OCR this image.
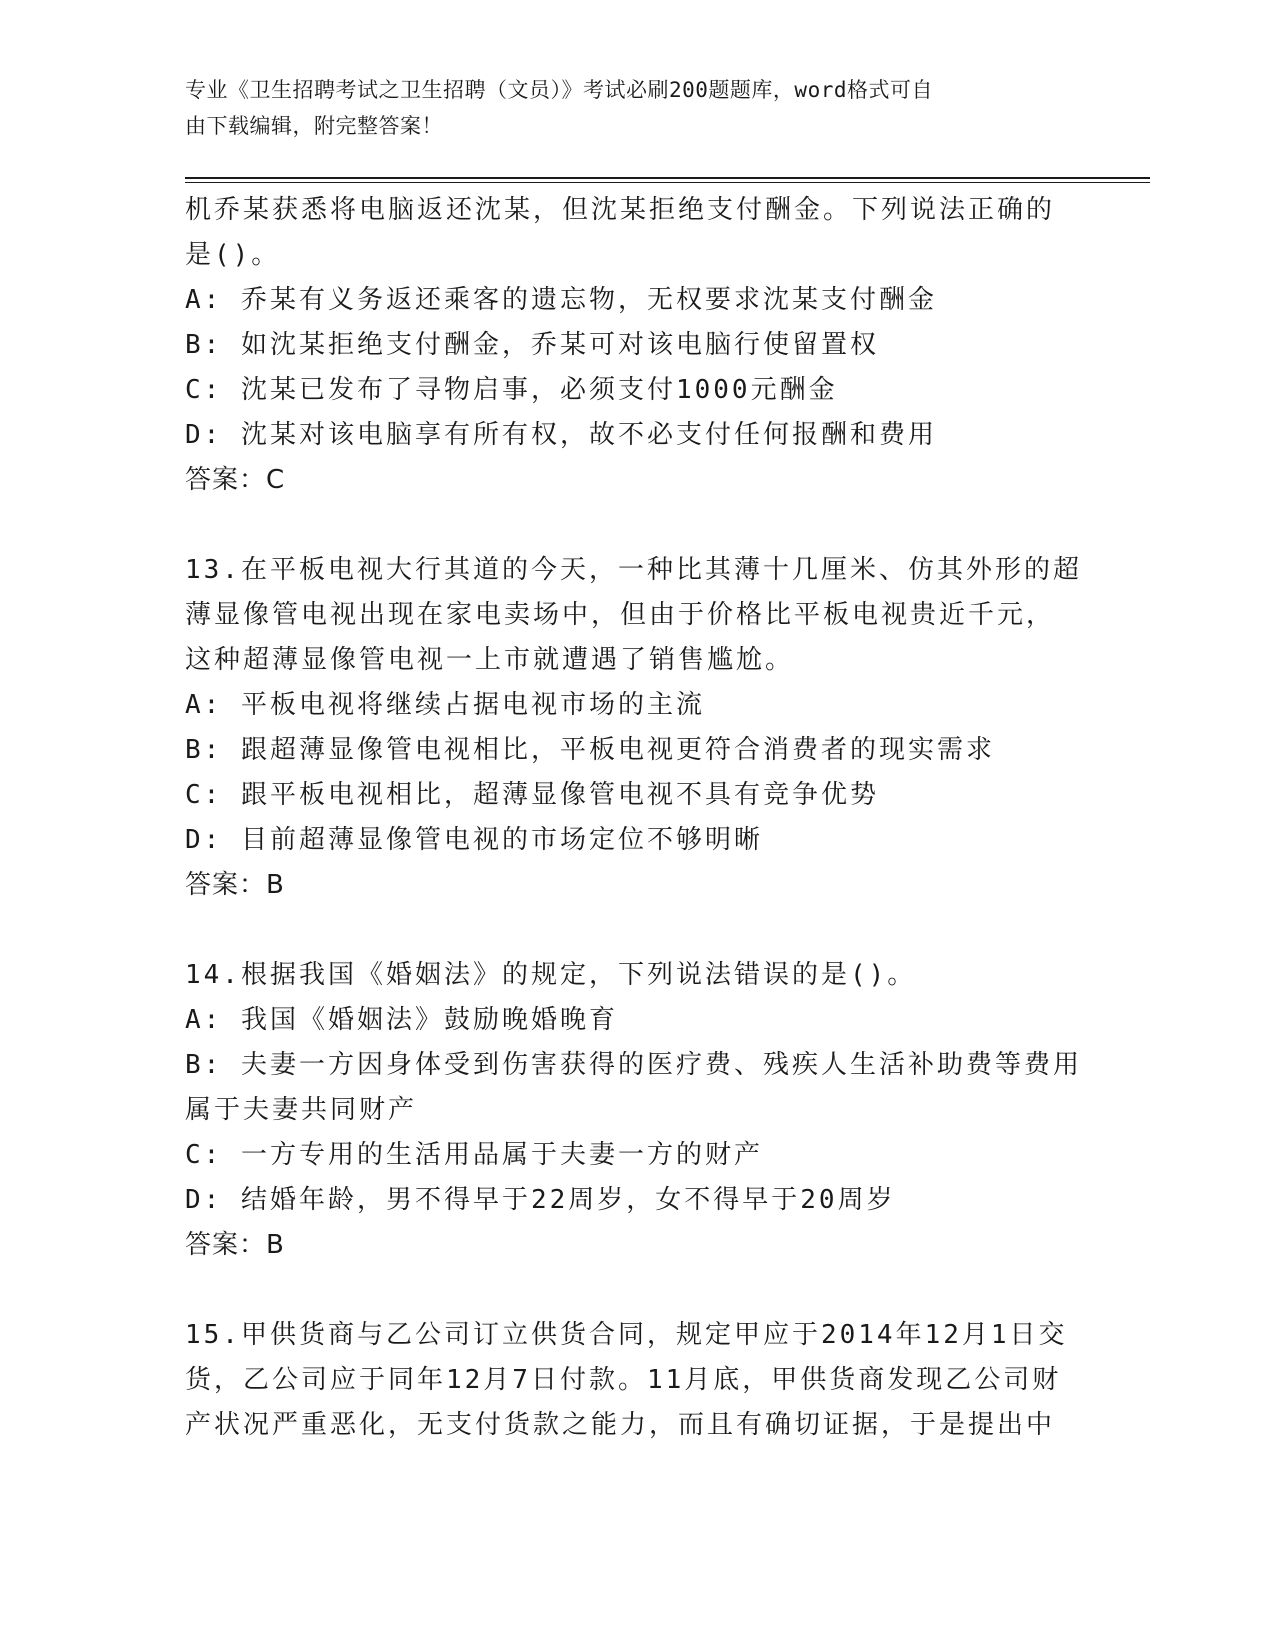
专业《卫生招聘考试之卫生招聘（文员）》考试必刷200题题库，word格式可自
由下载编辑，附完整答案！
机乔某获悉将电脑返还沈某，但沈某拒绝支付酬金。下列说法正确的
是()。
A: 乔某有义务返还乘客的遗忘物，无权要求沈某支付酬金
B: 如沈某拒绝支付酬金，乔某可对该电脑行使留置权
C: 沈某已发布了寻物启事，必须支付1000元酬金
D: 沈某对该电脑享有所有权，故不必支付任何报酬和费用
答案：C
13.在平板电视大行其道的今天，一种比其薄十几厘米、仿其外形的超
薄显像管电视出现在家电卖场中，但由于价格比平板电视贵近千元，
这种超薄显像管电视一上市就遭遇了销售尴尬。
A: 平板电视将继续占据电视市场的主流
B: 跟超薄显像管电视相比，平板电视更符合消费者的现实需求
C: 跟平板电视相比，超薄显像管电视不具有竞争优势
D: 目前超薄显像管电视的市场定位不够明晰
答案：B
14.根据我国《婚姻法》的规定，下列说法错误的是()。
A: 我国《婚姻法》鼓励晚婚晚育
B: 夫妻一方因身体受到伤害获得的医疗费、残疾人生活补助费等费用
属于夫妻共同财产
C: 一方专用的生活用品属于夫妻一方的财产
D: 结婚年龄，男不得早于22周岁，女不得早于20周岁
答案：B
15.甲供货商与乙公司订立供货合同，规定甲应于2014年12月1日交
货，乙公司应于同年12月7日付款。11月底，甲供货商发现乙公司财
产状况严重恶化，无支付货款之能力，而且有确切证据，于是提出中
